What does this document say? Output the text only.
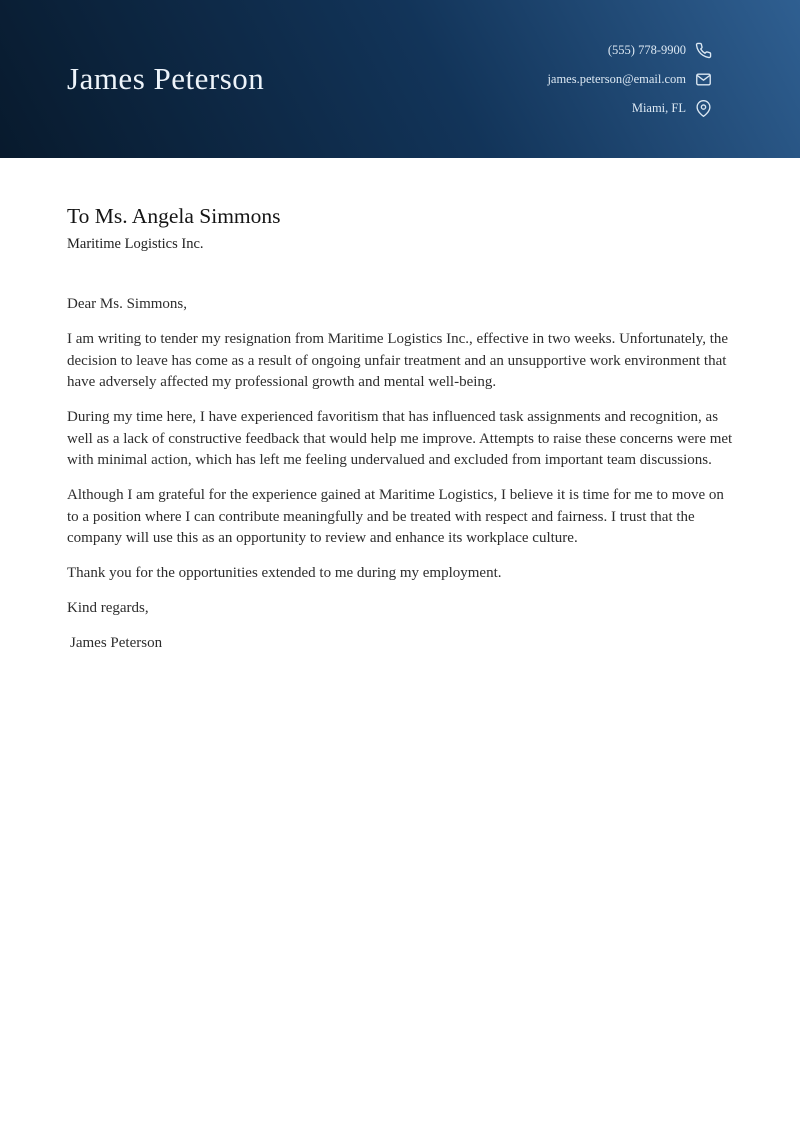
James Peterson
(555) 778-9900
james.peterson@email.com
Miami, FL
To Ms. Angela Simmons

Maritime Logistics Inc.

Dear Ms. Simmons,

I am writing to tender my resignation from Maritime Logistics Inc., effective in two weeks. Unfortunately, the decision to leave has come as a result of ongoing unfair treatment and an unsupportive work environment that have adversely affected my professional growth and mental well-being.

During my time here, I have experienced favoritism that has influenced task assignments and recognition, as well as a lack of constructive feedback that would help me improve. Attempts to raise these concerns were met with minimal action, which has left me feeling undervalued and excluded from important team discussions.

Although I am grateful for the experience gained at Maritime Logistics, I believe it is time for me to move on to a position where I can contribute meaningfully and be treated with respect and fairness. I trust that the company will use this as an opportunity to review and enhance its workplace culture.

Thank you for the opportunities extended to me during my employment.

Kind regards,

James Peterson
